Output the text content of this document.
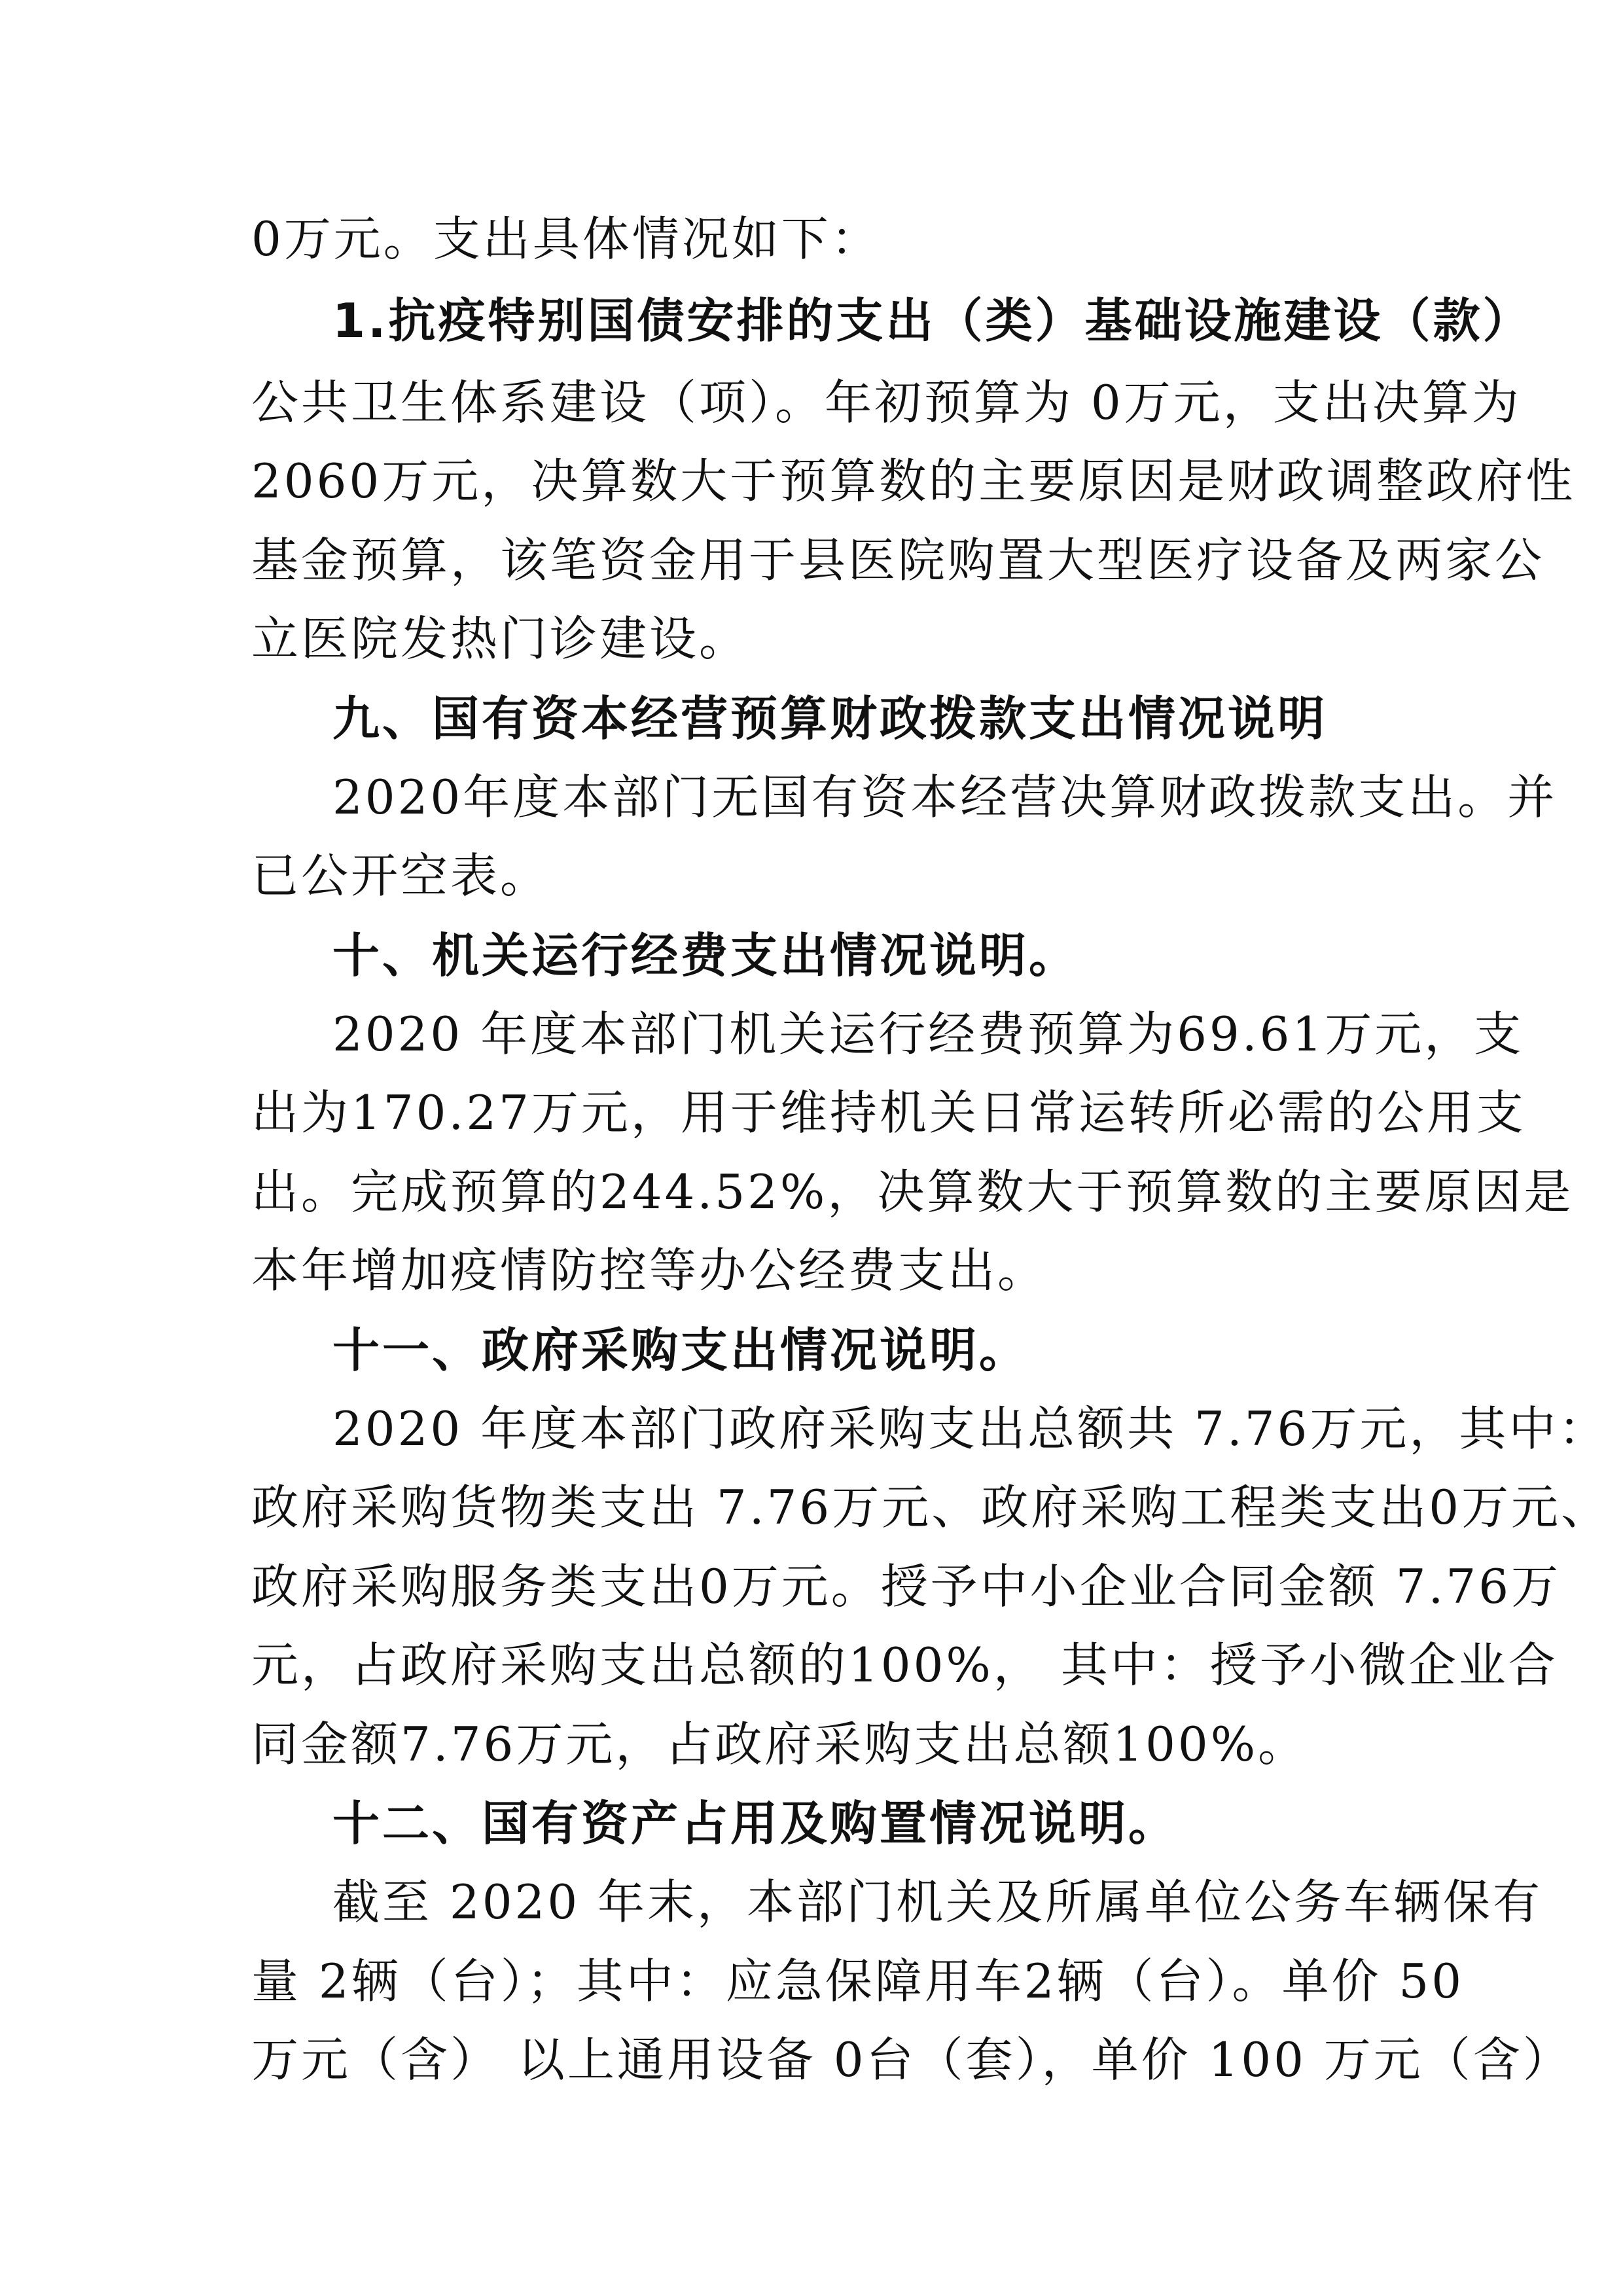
0万元。支出具体情况如下：
1.抗疫特别国债安排的支出（类）基础设施建设（款）
公共卫生体系建设（项）。年初预算为 0万元，支出决算为
2060万元，决算数大于预算数的主要原因是财政调整政府性
基金预算，该笔资金用于县医院购置大型医疗设备及两家公
立医院发热门诊建设。
九、国有资本经营预算财政拨款支出情况说明
2020年度本部门无国有资本经营决算财政拨款支出。并
已公开空表。
十、机关运行经费支出情况说明。
2020 年度本部门机关运行经费预算为69.61万元，支
出为170.27万元，用于维持机关日常运转所必需的公用支
出。完成预算的244.52%，决算数大于预算数的主要原因是
本年增加疫情防控等办公经费支出。
十一、政府采购支出情况说明。
2020 年度本部门政府采购支出总额共 7.76万元，其中：
政府采购货物类支出 7.76万元、政府采购工程类支出0万元、
政府采购服务类支出0万元。授予中小企业合同金额 7.76万
元，占政府采购支出总额的100%， 其中：授予小微企业合
同金额7.76万元，占政府采购支出总额100%。
十二、国有资产占用及购置情况说明。
截至 2020 年末，本部门机关及所属单位公务车辆保有
量 2辆（台）；其中：应急保障用车2辆（台）。单价 50
万元（含） 以上通用设备 0台（套），单价 100 万元（含）
